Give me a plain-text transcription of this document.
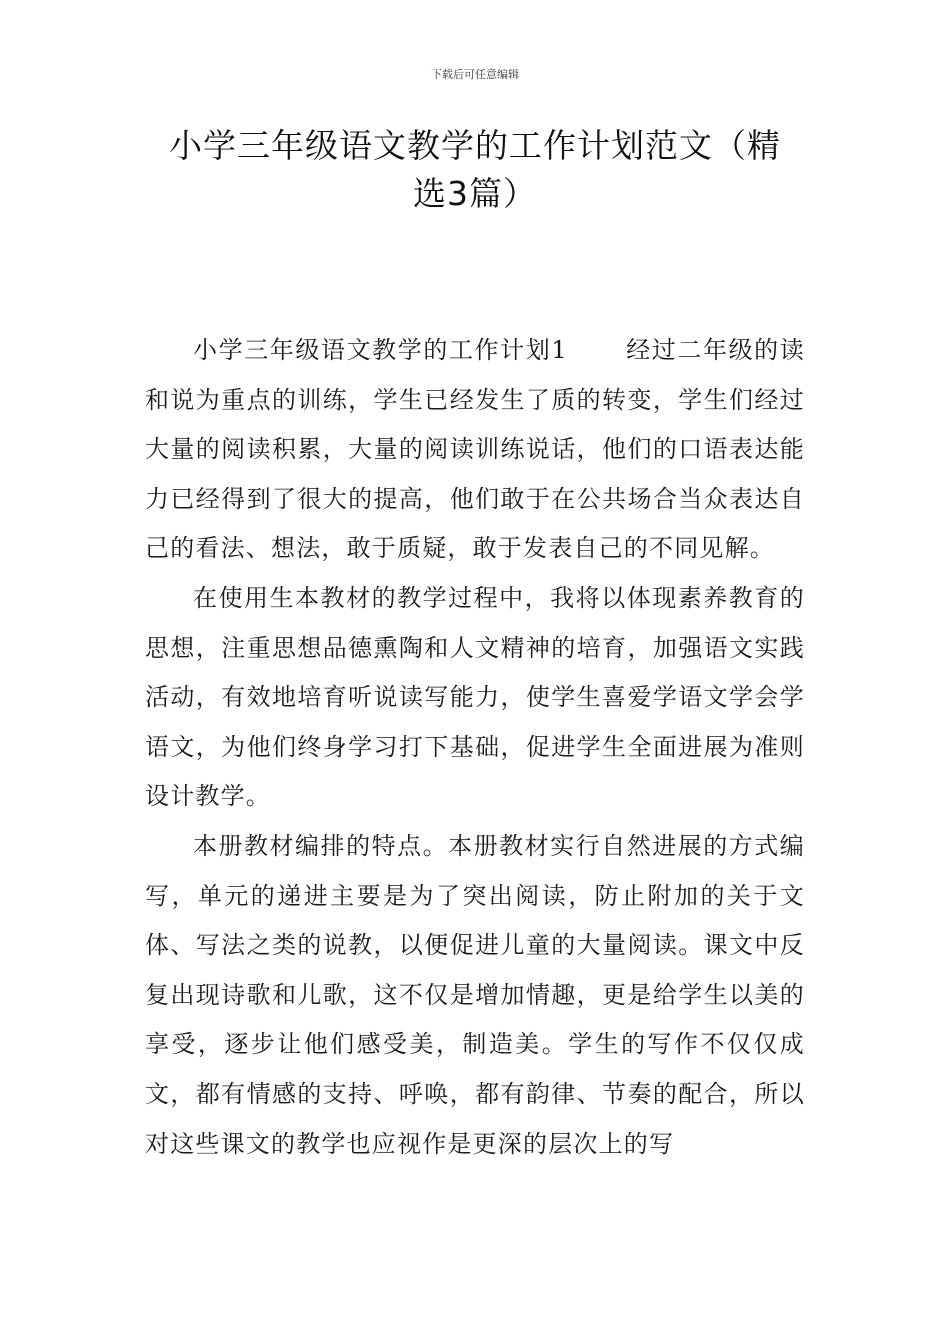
下载后可任意编辑
小学三年级语文教学的工作计划范文（精
选3篇）

小学三年级语文教学的工作计划1 经过二年级的读和说为重点的训练，学生已经发生了质的转变，学生们经过大量的阅读积累，大量的阅读训练说话，他们的口语表达能力已经得到了很大的提高，他们敢于在公共场合当众表达自己的看法、想法，敢于质疑，敢于发表自己的不同见解。

在使用生本教材的教学过程中，我将以体现素养教育的思想，注重思想品德熏陶和人文精神的培育，加强语文实践活动，有效地培育听说读写能力，使学生喜爱学语文学会学语文，为他们终身学习打下基础，促进学生全面进展为准则设计教学。

本册教材编排的特点。本册教材实行自然进展的方式编写，单元的递进主要是为了突出阅读，防止附加的关于文体、写法之类的说教，以便促进儿童的大量阅读。课文中反复出现诗歌和儿歌，这不仅是增加情趣，更是给学生以美的享受，逐步让他们感受美，制造美。学生的写作不仅仅成文，都有情感的支持、呼唤，都有韵律、节奏的配合，所以对这些课文的教学也应视作是更深的层次上的写
